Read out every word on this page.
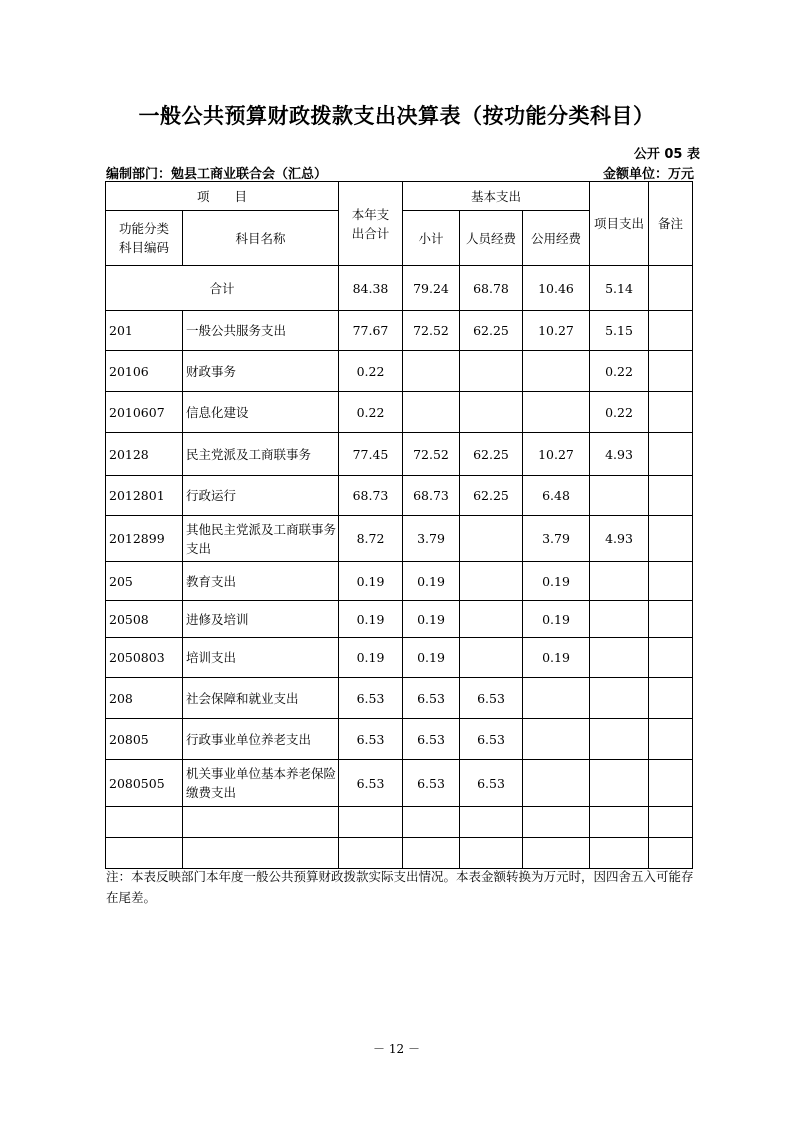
一般公共预算财政拨款支出决算表（按功能分类科目）
公开 05 表
编制部门：勉县工商业联合会（汇总）	金额单位：万元
项　　目		本年支出合计	基本支出			项目支出	备注

功能分类科目编码	科目名称		小计	人员经费	公用经费		
合计		84.38	79.24	68.78	10.46	5.14	
201	一般公共服务支出	77.67	72.52	62.25	10.27	5.15	
20106	财政事务	0.22				0.22	
2010607	信息化建设	0.22				0.22	
20128	民主党派及工商联事务	77.45	72.52	62.25	10.27	4.93	
2012801	行政运行	68.73	68.73	62.25	6.48		
2012899	其他民主党派及工商联事务支出	8.72	3.79		3.79	4.93	
205	教育支出	0.19	0.19		0.19		
20508	进修及培训	0.19	0.19		0.19		
2050803	培训支出	0.19	0.19		0.19		
208	社会保障和就业支出	6.53	6.53	6.53			
20805	行政事业单位养老支出	6.53	6.53	6.53			
2080505	机关事业单位基本养老保险缴费支出	6.53	6.53	6.53			

注：本表反映部门本年度一般公共预算财政拨款实际支出情况。本表金额转换为万元时，因四舍五入可能存在尾差。
－ 12 －
